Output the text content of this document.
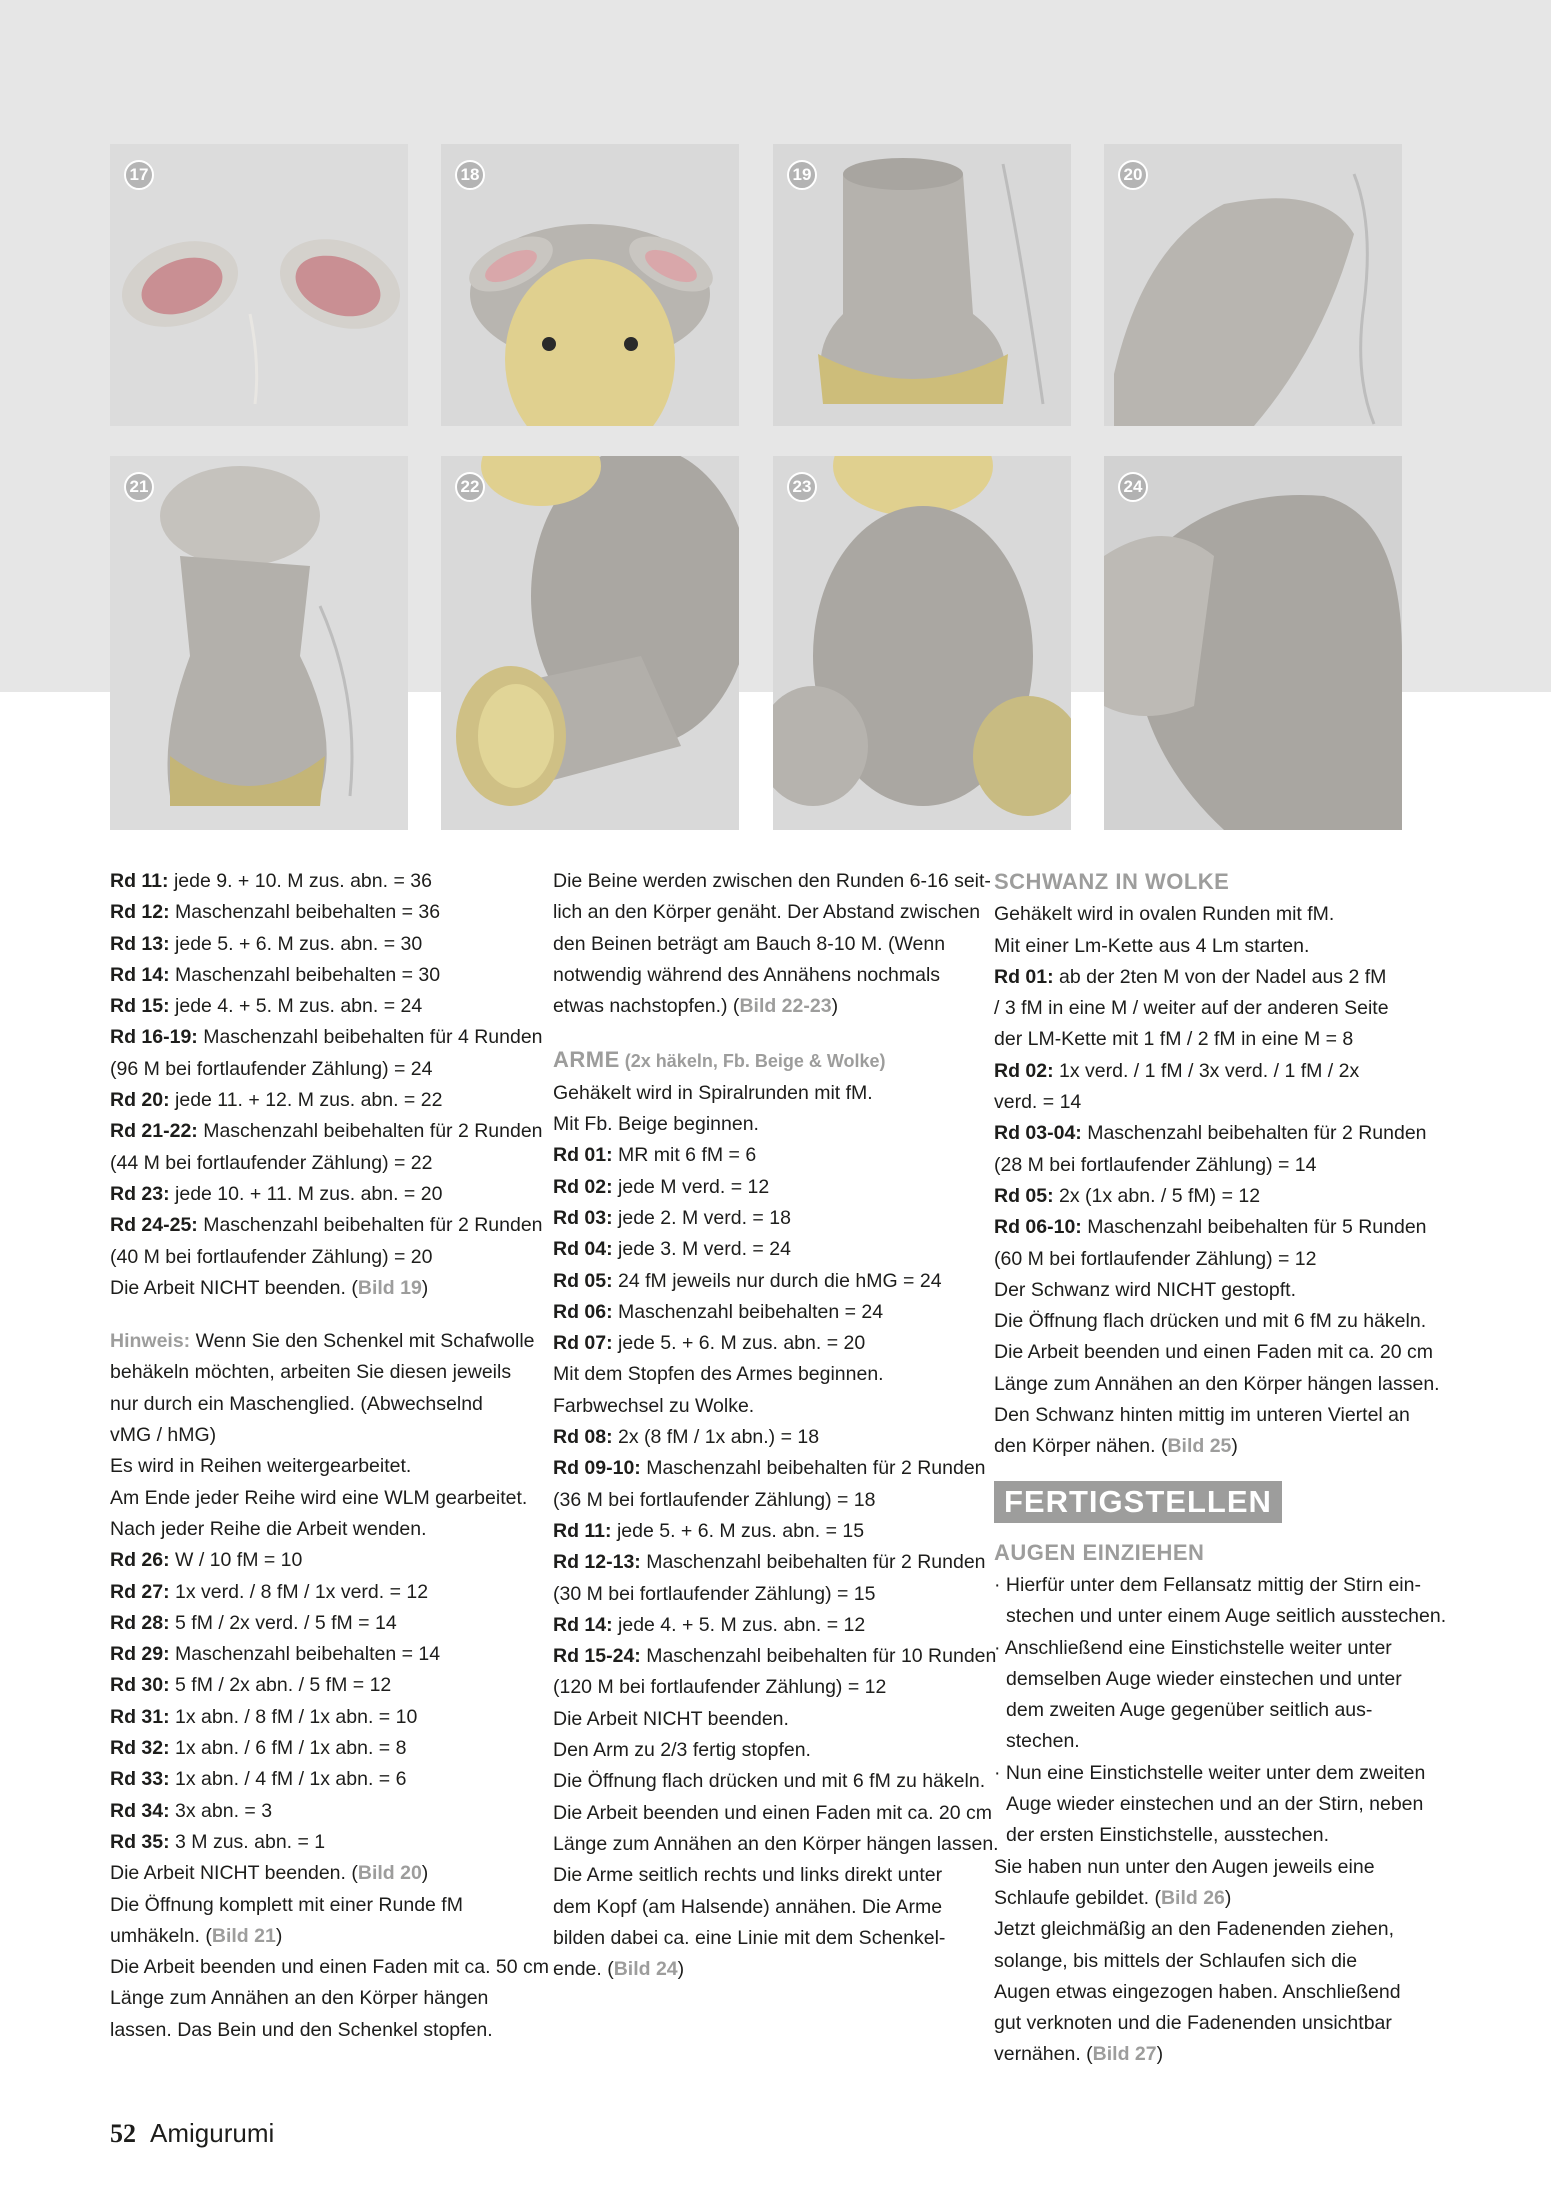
17	18	19	20
21	22	23	24

Rd 11: jede 9. + 10. M zus. abn. = 36

Rd 12: Maschenzahl beibehalten = 36

Rd 13: jede 5. + 6. M zus. abn. = 30

Rd 14: Maschenzahl beibehalten = 30

Rd 15: jede 4. + 5. M zus. abn. = 24

Rd 16-19: Maschenzahl beibehalten für 4 Runden

(96 M bei fortlaufender Zählung) = 24

Rd 20: jede 11. + 12. M zus. abn. = 22

Rd 21-22: Maschenzahl beibehalten für 2 Runden

(44 M bei fortlaufender Zählung) = 22

Rd 23: jede 10. + 11. M zus. abn. = 20

Rd 24-25: Maschenzahl beibehalten für 2 Runden

(40 M bei fortlaufender Zählung) = 20

Die Arbeit NICHT beenden. (Bild 19)

Hinweis: Wenn Sie den Schenkel mit Schafwolle

behäkeln möchten, arbeiten Sie diesen jeweils

nur durch ein Maschenglied. (Abwechselnd

vMG / hMG)

Es wird in Reihen weitergearbeitet.

Am Ende jeder Reihe wird eine WLM gearbeitet.

Nach jeder Reihe die Arbeit wenden.

Rd 26: W / 10 fM = 10

Rd 27: 1x verd. / 8 fM / 1x verd. = 12

Rd 28: 5 fM / 2x verd. / 5 fM = 14

Rd 29: Maschenzahl beibehalten = 14

Rd 30: 5 fM / 2x abn. / 5 fM = 12

Rd 31: 1x abn. / 8 fM / 1x abn. = 10

Rd 32: 1x abn. / 6 fM / 1x abn. = 8

Rd 33: 1x abn. / 4 fM / 1x abn. = 6

Rd 34: 3x abn. = 3

Rd 35: 3 M zus. abn. = 1

Die Arbeit NICHT beenden. (Bild 20)

Die Öffnung komplett mit einer Runde fM

umhäkeln. (Bild 21)

Die Arbeit beenden und einen Faden mit ca. 50 cm

Länge zum Annähen an den Körper hängen

lassen. Das Bein und den Schenkel stopfen.

Die Beine werden zwischen den Runden 6-16 seit-

lich an den Körper genäht. Der Abstand zwischen

den Beinen beträgt am Bauch 8-10 M. (Wenn

notwendig während des Annähens nochmals

etwas nachstopfen.) (Bild 22-23)

ARME (2x häkeln, Fb. Beige & Wolke)

Gehäkelt wird in Spiralrunden mit fM.

Mit Fb. Beige beginnen.

Rd 01: MR mit 6 fM = 6

Rd 02: jede M verd. = 12

Rd 03: jede 2. M verd. = 18

Rd 04: jede 3. M verd. = 24

Rd 05: 24 fM jeweils nur durch die hMG = 24

Rd 06: Maschenzahl beibehalten = 24

Rd 07: jede 5. + 6. M zus. abn. = 20

Mit dem Stopfen des Armes beginnen.

Farbwechsel zu Wolke.

Rd 08: 2x (8 fM / 1x abn.) = 18

Rd 09-10: Maschenzahl beibehalten für 2 Runden

(36 M bei fortlaufender Zählung) = 18

Rd 11: jede 5. + 6. M zus. abn. = 15

Rd 12-13: Maschenzahl beibehalten für 2 Runden

(30 M bei fortlaufender Zählung) = 15

Rd 14: jede 4. + 5. M zus. abn. = 12

Rd 15-24: Maschenzahl beibehalten für 10 Runden

(120 M bei fortlaufender Zählung) = 12

Die Arbeit NICHT beenden.

Den Arm zu 2/3 fertig stopfen.

Die Öffnung flach drücken und mit 6 fM zu häkeln.

Die Arbeit beenden und einen Faden mit ca. 20 cm

Länge zum Annähen an den Körper hängen lassen.

Die Arme seitlich rechts und links direkt unter

dem Kopf (am Halsende) annähen. Die Arme

bilden dabei ca. eine Linie mit dem Schenkel-

ende. (Bild 24)

SCHWANZ IN WOLKE

Gehäkelt wird in ovalen Runden mit fM.

Mit einer Lm-Kette aus 4 Lm starten.

Rd 01: ab der 2ten M von der Nadel aus 2 fM

/ 3 fM in eine M / weiter auf der anderen Seite

der LM-Kette mit 1 fM / 2 fM in eine M = 8

Rd 02: 1x verd. / 1 fM / 3x verd. / 1 fM / 2x

verd. = 14

Rd 03-04: Maschenzahl beibehalten für 2 Runden

(28 M bei fortlaufender Zählung) = 14

Rd 05: 2x (1x abn. / 5 fM) = 12

Rd 06-10: Maschenzahl beibehalten für 5 Runden

(60 M bei fortlaufender Zählung) = 12

Der Schwanz wird NICHT gestopft.

Die Öffnung flach drücken und mit 6 fM zu häkeln.

Die Arbeit beenden und einen Faden mit ca. 20 cm

Länge zum Annähen an den Körper hängen lassen.

Den Schwanz hinten mittig im unteren Viertel an

den Körper nähen. (Bild 25)

FERTIGSTELLEN

AUGEN EINZIEHEN

· Hierfür unter dem Fellansatz mittig der Stirn ein-

stechen und unter einem Auge seitlich ausstechen.

· Anschließend eine Einstichstelle weiter unter

demselben Auge wieder einstechen und unter

dem zweiten Auge gegenüber seitlich aus-

stechen.

· Nun eine Einstichstelle weiter unter dem zweiten

Auge wieder einstechen und an der Stirn, neben

der ersten Einstichstelle, ausstechen.

Sie haben nun unter den Augen jeweils eine

Schlaufe gebildet. (Bild 26)

Jetzt gleichmäßig an den Fadenenden ziehen,

solange, bis mittels der Schlaufen sich die

Augen etwas eingezogen haben. Anschließend

gut verknoten und die Fadenenden unsichtbar

vernähen. (Bild 27)

52 Amigurumi
